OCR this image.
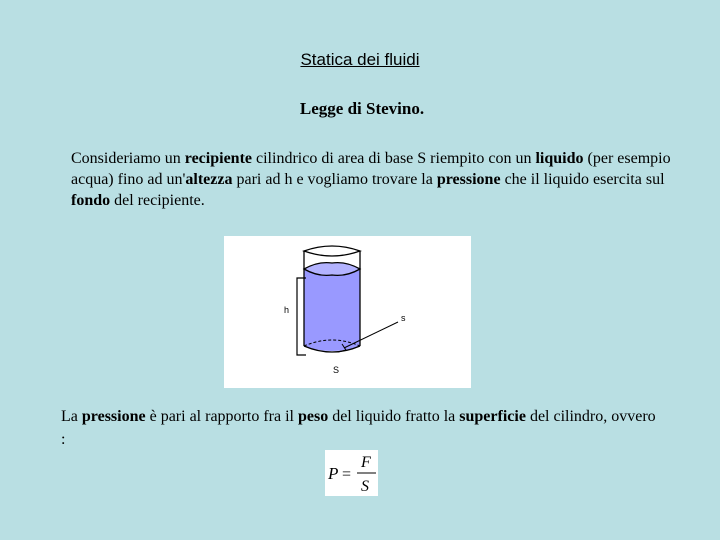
Statica dei fluidi
Legge di Stevino.
Consideriamo un recipiente cilindrico di area di base S riempito con un liquido (per esempio acqua) fino ad un'altezza pari ad h e vogliamo trovare la pressione che il liquido esercita sul fondo del recipiente.
h
s
S
La pressione è pari al rapporto fra il peso del liquido fratto la superficie del cilindro, ovvero :
P =
F
S
